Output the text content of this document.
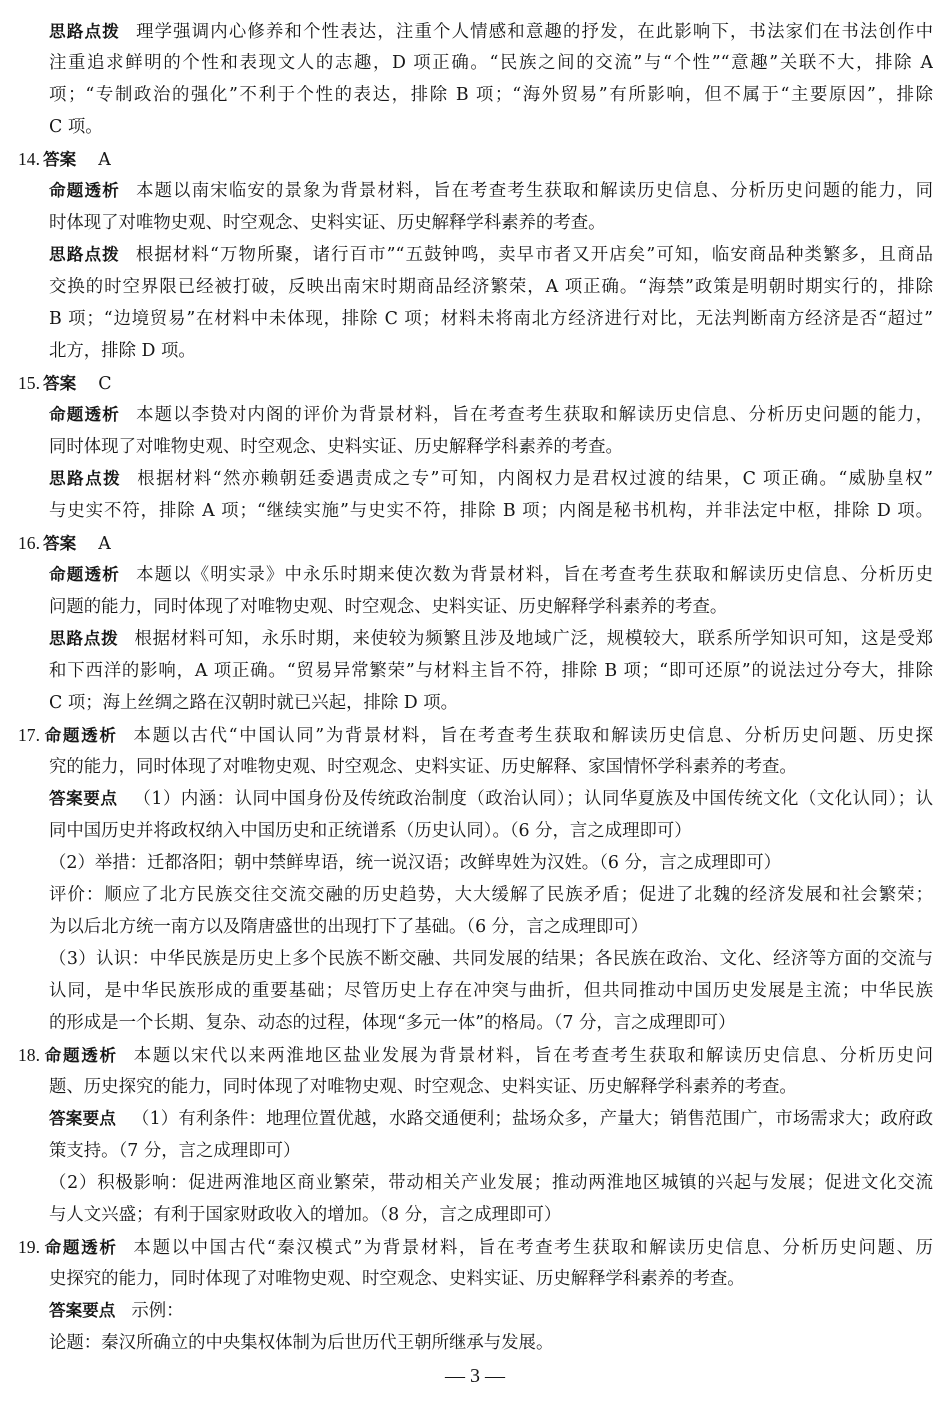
思路点拨 理学强调内心修养和个性表达，注重个人情感和意趣的抒发，在此影响下，书法家们在书法创作中
注重追求鲜明的个性和表现文人的志趣，D 项正确。“民族之间的交流”与“个性”“意趣”关联不大，排除 A
项；“专制政治的强化”不利于个性的表达，排除 B 项；“海外贸易”有所影响，但不属于“主要原因”，排除
C 项。
14. 答案 A
命题透析 本题以南宋临安的景象为背景材料，旨在考查考生获取和解读历史信息、分析历史问题的能力，同
时体现了对唯物史观、时空观念、史料实证、历史解释学科素养的考查。
思路点拨 根据材料“万物所聚，诸行百市”“五鼓钟鸣，卖早市者又开店矣”可知，临安商品种类繁多，且商品
交换的时空界限已经被打破，反映出南宋时期商品经济繁荣，A 项正确。“海禁”政策是明朝时期实行的，排除
B 项；“边境贸易”在材料中未体现，排除 C 项；材料未将南北方经济进行对比，无法判断南方经济是否“超过”
北方，排除 D 项。
15. 答案 C
命题透析 本题以李贽对内阁的评价为背景材料，旨在考查考生获取和解读历史信息、分析历史问题的能力，
同时体现了对唯物史观、时空观念、史料实证、历史解释学科素养的考查。
思路点拨 根据材料“然亦赖朝廷委遇责成之专”可知，内阁权力是君权过渡的结果，C 项正确。“威胁皇权”
与史实不符，排除 A 项；“继续实施”与史实不符，排除 B 项；内阁是秘书机构，并非法定中枢，排除 D 项。
16. 答案 A
命题透析 本题以《明实录》中永乐时期来使次数为背景材料，旨在考查考生获取和解读历史信息、分析历史
问题的能力，同时体现了对唯物史观、时空观念、史料实证、历史解释学科素养的考查。
思路点拨 根据材料可知，永乐时期，来使较为频繁且涉及地域广泛，规模较大，联系所学知识可知，这是受郑
和下西洋的影响，A 项正确。“贸易异常繁荣”与材料主旨不符，排除 B 项；“即可还原”的说法过分夸大，排除
C 项；海上丝绸之路在汉朝时就已兴起，排除 D 项。
17. 命题透析 本题以古代“中国认同”为背景材料，旨在考查考生获取和解读历史信息、分析历史问题、历史探
究的能力，同时体现了对唯物史观、时空观念、史料实证、历史解释、家国情怀学科素养的考查。
答案要点 （1）内涵：认同中国身份及传统政治制度（政治认同）；认同华夏族及中国传统文化（文化认同）；认
同中国历史并将政权纳入中国历史和正统谱系（历史认同）。（6 分，言之成理即可）
（2）举措：迁都洛阳；朝中禁鲜卑语，统一说汉语；改鲜卑姓为汉姓。（6 分，言之成理即可）
评价：顺应了北方民族交往交流交融的历史趋势，大大缓解了民族矛盾；促进了北魏的经济发展和社会繁荣；
为以后北方统一南方以及隋唐盛世的出现打下了基础。（6 分，言之成理即可）
（3）认识：中华民族是历史上多个民族不断交融、共同发展的结果；各民族在政治、文化、经济等方面的交流与
认同，是中华民族形成的重要基础；尽管历史上存在冲突与曲折，但共同推动中国历史发展是主流；中华民族
的形成是一个长期、复杂、动态的过程，体现“多元一体”的格局。（7 分，言之成理即可）
18. 命题透析 本题以宋代以来两淮地区盐业发展为背景材料，旨在考查考生获取和解读历史信息、分析历史问
题、历史探究的能力，同时体现了对唯物史观、时空观念、史料实证、历史解释学科素养的考查。
答案要点 （1）有利条件：地理位置优越，水路交通便利；盐场众多，产量大；销售范围广，市场需求大；政府政
策支持。（7 分，言之成理即可）
（2）积极影响：促进两淮地区商业繁荣，带动相关产业发展；推动两淮地区城镇的兴起与发展；促进文化交流
与人文兴盛；有利于国家财政收入的增加。（8 分，言之成理即可）
19. 命题透析 本题以中国古代“秦汉模式”为背景材料，旨在考查考生获取和解读历史信息、分析历史问题、历
史探究的能力，同时体现了对唯物史观、时空观念、史料实证、历史解释学科素养的考查。
答案要点 示例：
论题：秦汉所确立的中央集权体制为后世历代王朝所继承与发展。
— 3 —
